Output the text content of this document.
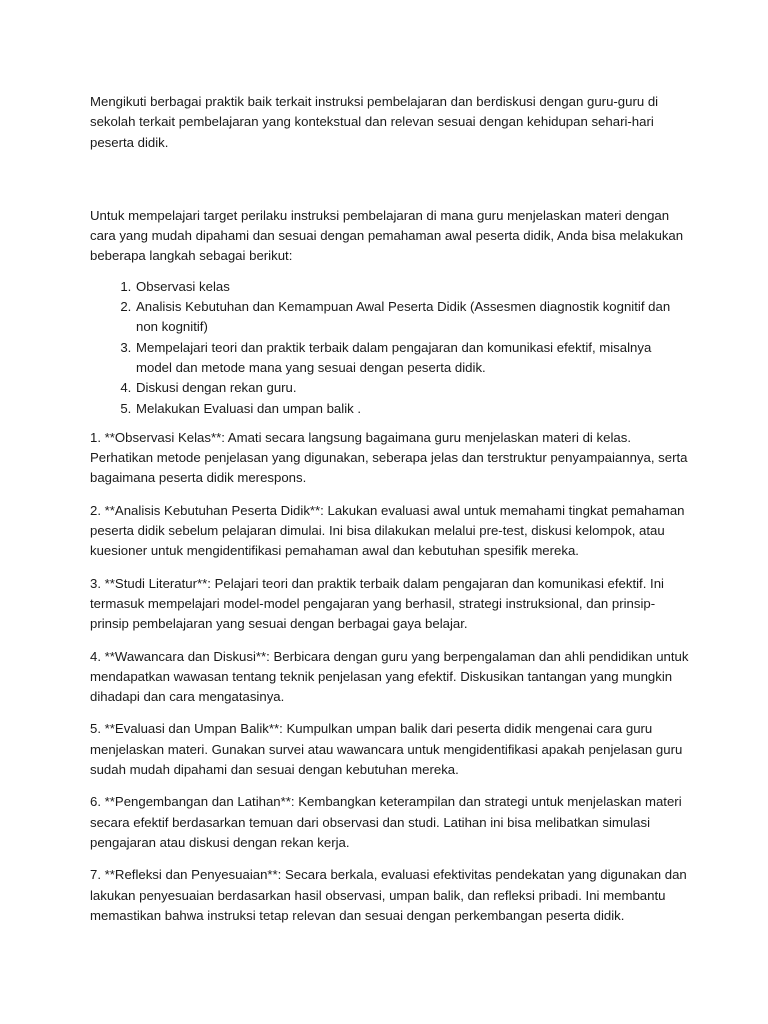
Mengikuti berbagai praktik baik terkait instruksi pembelajaran dan berdiskusi dengan guru-guru di sekolah terkait pembelajaran yang kontekstual dan relevan sesuai dengan kehidupan sehari-hari peserta didik.

Untuk mempelajari target perilaku instruksi pembelajaran di mana guru menjelaskan materi dengan cara yang mudah dipahami dan sesuai dengan pemahaman awal peserta didik, Anda bisa melakukan beberapa langkah sebagai berikut:

1. Observasi kelas
2. Analisis Kebutuhan dan Kemampuan Awal Peserta Didik (Assesmen diagnostik kognitif dan non kognitif)
3. Mempelajari teori dan praktik terbaik dalam pengajaran dan komunikasi efektif, misalnya model dan metode mana yang sesuai dengan peserta didik.
4. Diskusi dengan rekan guru.
5. Melakukan Evaluasi dan umpan balik .

1. **Observasi Kelas**: Amati secara langsung bagaimana guru menjelaskan materi di kelas. Perhatikan metode penjelasan yang digunakan, seberapa jelas dan terstruktur penyampaiannya, serta bagaimana peserta didik merespons.

2. **Analisis Kebutuhan Peserta Didik**: Lakukan evaluasi awal untuk memahami tingkat pemahaman peserta didik sebelum pelajaran dimulai. Ini bisa dilakukan melalui pre-test, diskusi kelompok, atau kuesioner untuk mengidentifikasi pemahaman awal dan kebutuhan spesifik mereka.

3. **Studi Literatur**: Pelajari teori dan praktik terbaik dalam pengajaran dan komunikasi efektif. Ini termasuk mempelajari model-model pengajaran yang berhasil, strategi instruksional, dan prinsip-prinsip pembelajaran yang sesuai dengan berbagai gaya belajar.

4. **Wawancara dan Diskusi**: Berbicara dengan guru yang berpengalaman dan ahli pendidikan untuk mendapatkan wawasan tentang teknik penjelasan yang efektif. Diskusikan tantangan yang mungkin dihadapi dan cara mengatasinya.

5. **Evaluasi dan Umpan Balik**: Kumpulkan umpan balik dari peserta didik mengenai cara guru menjelaskan materi. Gunakan survei atau wawancara untuk mengidentifikasi apakah penjelasan guru sudah mudah dipahami dan sesuai dengan kebutuhan mereka.

6. **Pengembangan dan Latihan**: Kembangkan keterampilan dan strategi untuk menjelaskan materi secara efektif berdasarkan temuan dari observasi dan studi. Latihan ini bisa melibatkan simulasi pengajaran atau diskusi dengan rekan kerja.

7. **Refleksi dan Penyesuaian**: Secara berkala, evaluasi efektivitas pendekatan yang digunakan dan lakukan penyesuaian berdasarkan hasil observasi, umpan balik, dan refleksi pribadi. Ini membantu memastikan bahwa instruksi tetap relevan dan sesuai dengan perkembangan peserta didik.
